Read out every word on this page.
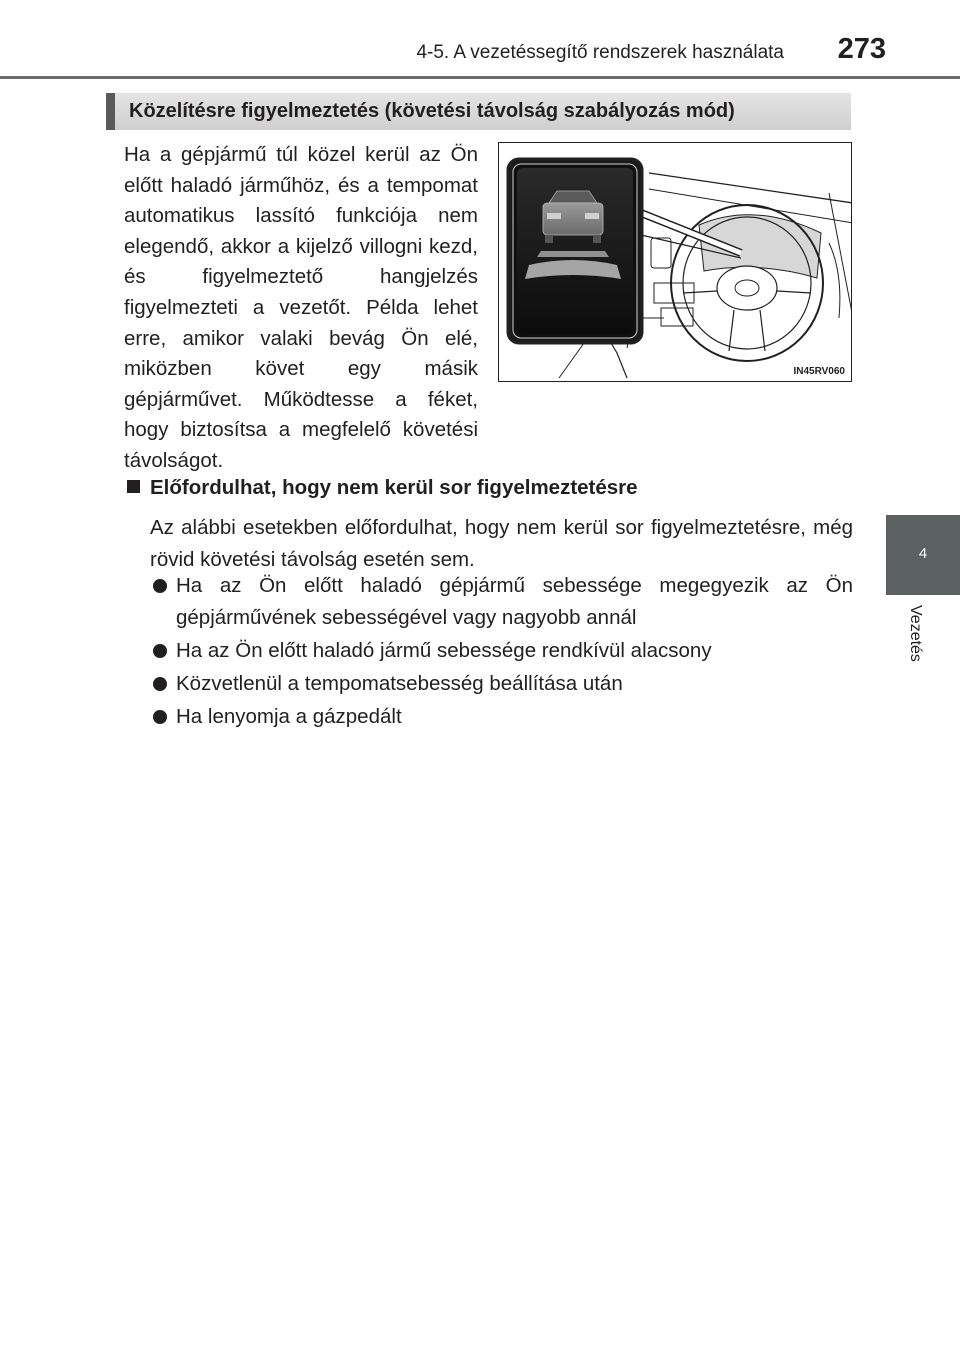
4-5. A vezetéssegítő rendszerek használata	273
4
Vezetés
Közelítésre figyelmeztetés (követési távolság szabályozás mód)
Ha a gépjármű túl közel kerül az Ön előtt haladó járműhöz, és a tempomat automatikus lassító funkciója nem elegendő, akkor a kijelző villogni kezd, és figyelmeztető hangjelzés figyelmezteti a vezetőt. Példa lehet erre, amikor valaki bevág Ön elé, miközben követ egy másik gépjárművet. Működtesse a féket, hogy biztosítsa a megfelelő követési távolságot.
IN45RV060
Előfordulhat, hogy nem kerül sor figyelmeztetésre
Az alábbi esetekben előfordulhat, hogy nem kerül sor figyelmeztetésre, még rövid követési távolság esetén sem.
Ha az Ön előtt haladó gépjármű sebessége megegyezik az Ön gépjárművének sebességével vagy nagyobb annál
Ha az Ön előtt haladó jármű sebessége rendkívül alacsony
Közvetlenül a tempomatsebesség beállítása után
Ha lenyomja a gázpedált
